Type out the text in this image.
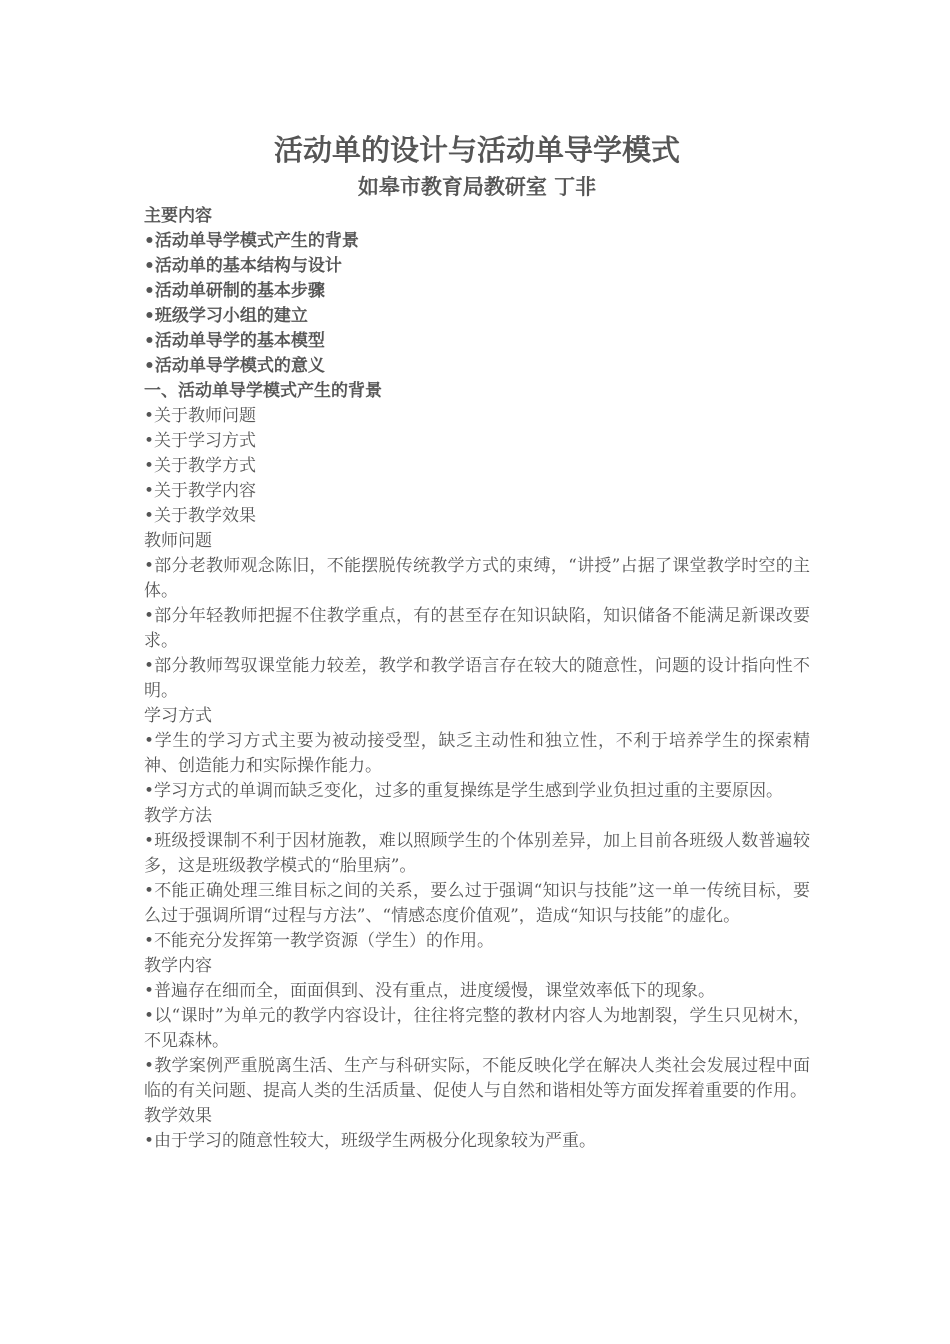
活动单的设计与活动单导学模式
如皋市教育局教研室 丁非

主要内容

•活动单导学模式产生的背景

•活动单的基本结构与设计

•活动单研制的基本步骤

•班级学习小组的建立

•活动单导学的基本模型

•活动单导学模式的意义

一、活动单导学模式产生的背景

•关于教师问题

•关于学习方式

•关于教学方式

•关于教学内容

•关于教学效果

教师问题

•部分老教师观念陈旧，不能摆脱传统教学方式的束缚，“讲授”占据了课堂教学时空的主体。

•部分年轻教师把握不住教学重点，有的甚至存在知识缺陷，知识储备不能满足新课改要求。

•部分教师驾驭课堂能力较差，教学和教学语言存在较大的随意性，问题的设计指向性不明。

学习方式

•学生的学习方式主要为被动接受型，缺乏主动性和独立性，不利于培养学生的探索精神、创造能力和实际操作能力。

•学习方式的单调而缺乏变化，过多的重复操练是学生感到学业负担过重的主要原因。

教学方法

•班级授课制不利于因材施教，难以照顾学生的个体别差异，加上目前各班级人数普遍较多，这是班级教学模式的“胎里病”。

•不能正确处理三维目标之间的关系，要么过于强调“知识与技能”这一单一传统目标，要么过于强调所谓“过程与方法”、“情感态度价值观”，造成“知识与技能”的虚化。

•不能充分发挥第一教学资源（学生）的作用。

教学内容

•普遍存在细而全，面面俱到、没有重点，进度缓慢，课堂效率低下的现象。

•以“课时”为单元的教学内容设计，往往将完整的教材内容人为地割裂，学生只见树木，不见森林。

•教学案例严重脱离生活、生产与科研实际，不能反映化学在解决人类社会发展过程中面临的有关问题、提高人类的生活质量、促使人与自然和谐相处等方面发挥着重要的作用。

教学效果

•由于学习的随意性较大，班级学生两极分化现象较为严重。
